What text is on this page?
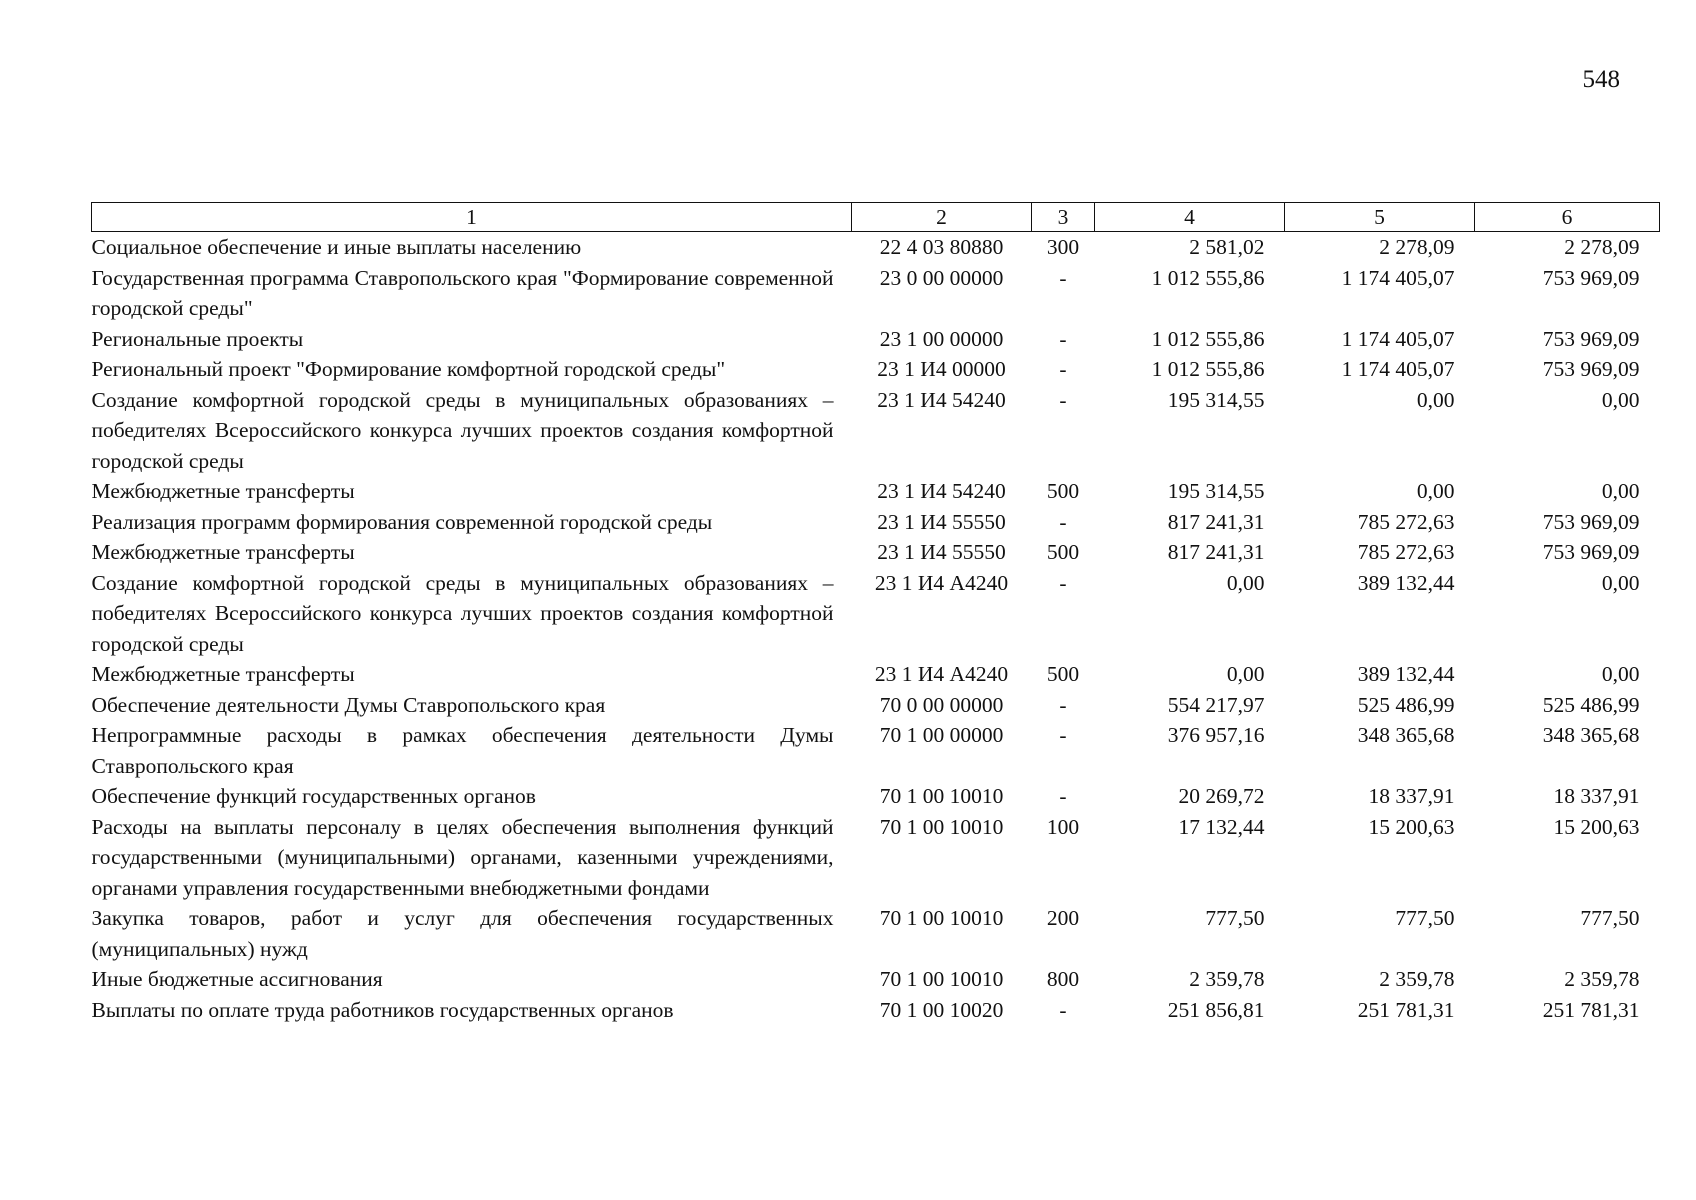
548
1	2	3	4	5	6
Социальное обеспечение и иные выплаты населению	22 4 03 80880	300	2 581,02	2 278,09	2 278,09
Государственная программа Ставропольского края "Формирование современной городской среды"	23 0 00 00000	-	1 012 555,86	1 174 405,07	753 969,09
Региональные проекты	23 1 00 00000	-	1 012 555,86	1 174 405,07	753 969,09
Региональный проект "Формирование комфортной городской среды"	23 1 И4 00000	-	1 012 555,86	1 174 405,07	753 969,09
Создание комфортной городской среды в муниципальных образованиях – победителях Всероссийского конкурса лучших проектов создания комфортной городской среды	23 1 И4 54240	-	195 314,55	0,00	0,00
Межбюджетные трансферты	23 1 И4 54240	500	195 314,55	0,00	0,00
Реализация программ формирования современной городской среды	23 1 И4 55550	-	817 241,31	785 272,63	753 969,09
Межбюджетные трансферты	23 1 И4 55550	500	817 241,31	785 272,63	753 969,09
Создание комфортной городской среды в муниципальных образованиях – победителях Всероссийского конкурса лучших проектов создания комфортной городской среды	23 1 И4 А4240	-	0,00	389 132,44	0,00
Межбюджетные трансферты	23 1 И4 А4240	500	0,00	389 132,44	0,00
Обеспечение деятельности Думы Ставропольского края	70 0 00 00000	-	554 217,97	525 486,99	525 486,99
Непрограммные расходы в рамках обеспечения деятельности Думы Ставропольского края	70 1 00 00000	-	376 957,16	348 365,68	348 365,68
Обеспечение функций государственных органов	70 1 00 10010	-	20 269,72	18 337,91	18 337,91
Расходы на выплаты персоналу в целях обеспечения выполнения функций государственными (муниципальными) органами, казенными учреждениями, органами управления государственными внебюджетными фондами	70 1 00 10010	100	17 132,44	15 200,63	15 200,63
Закупка товаров, работ и услуг для обеспечения государственных (муниципальных) нужд	70 1 00 10010	200	777,50	777,50	777,50
Иные бюджетные ассигнования	70 1 00 10010	800	2 359,78	2 359,78	2 359,78
Выплаты по оплате труда работников государственных органов	70 1 00 10020	-	251 856,81	251 781,31	251 781,31
